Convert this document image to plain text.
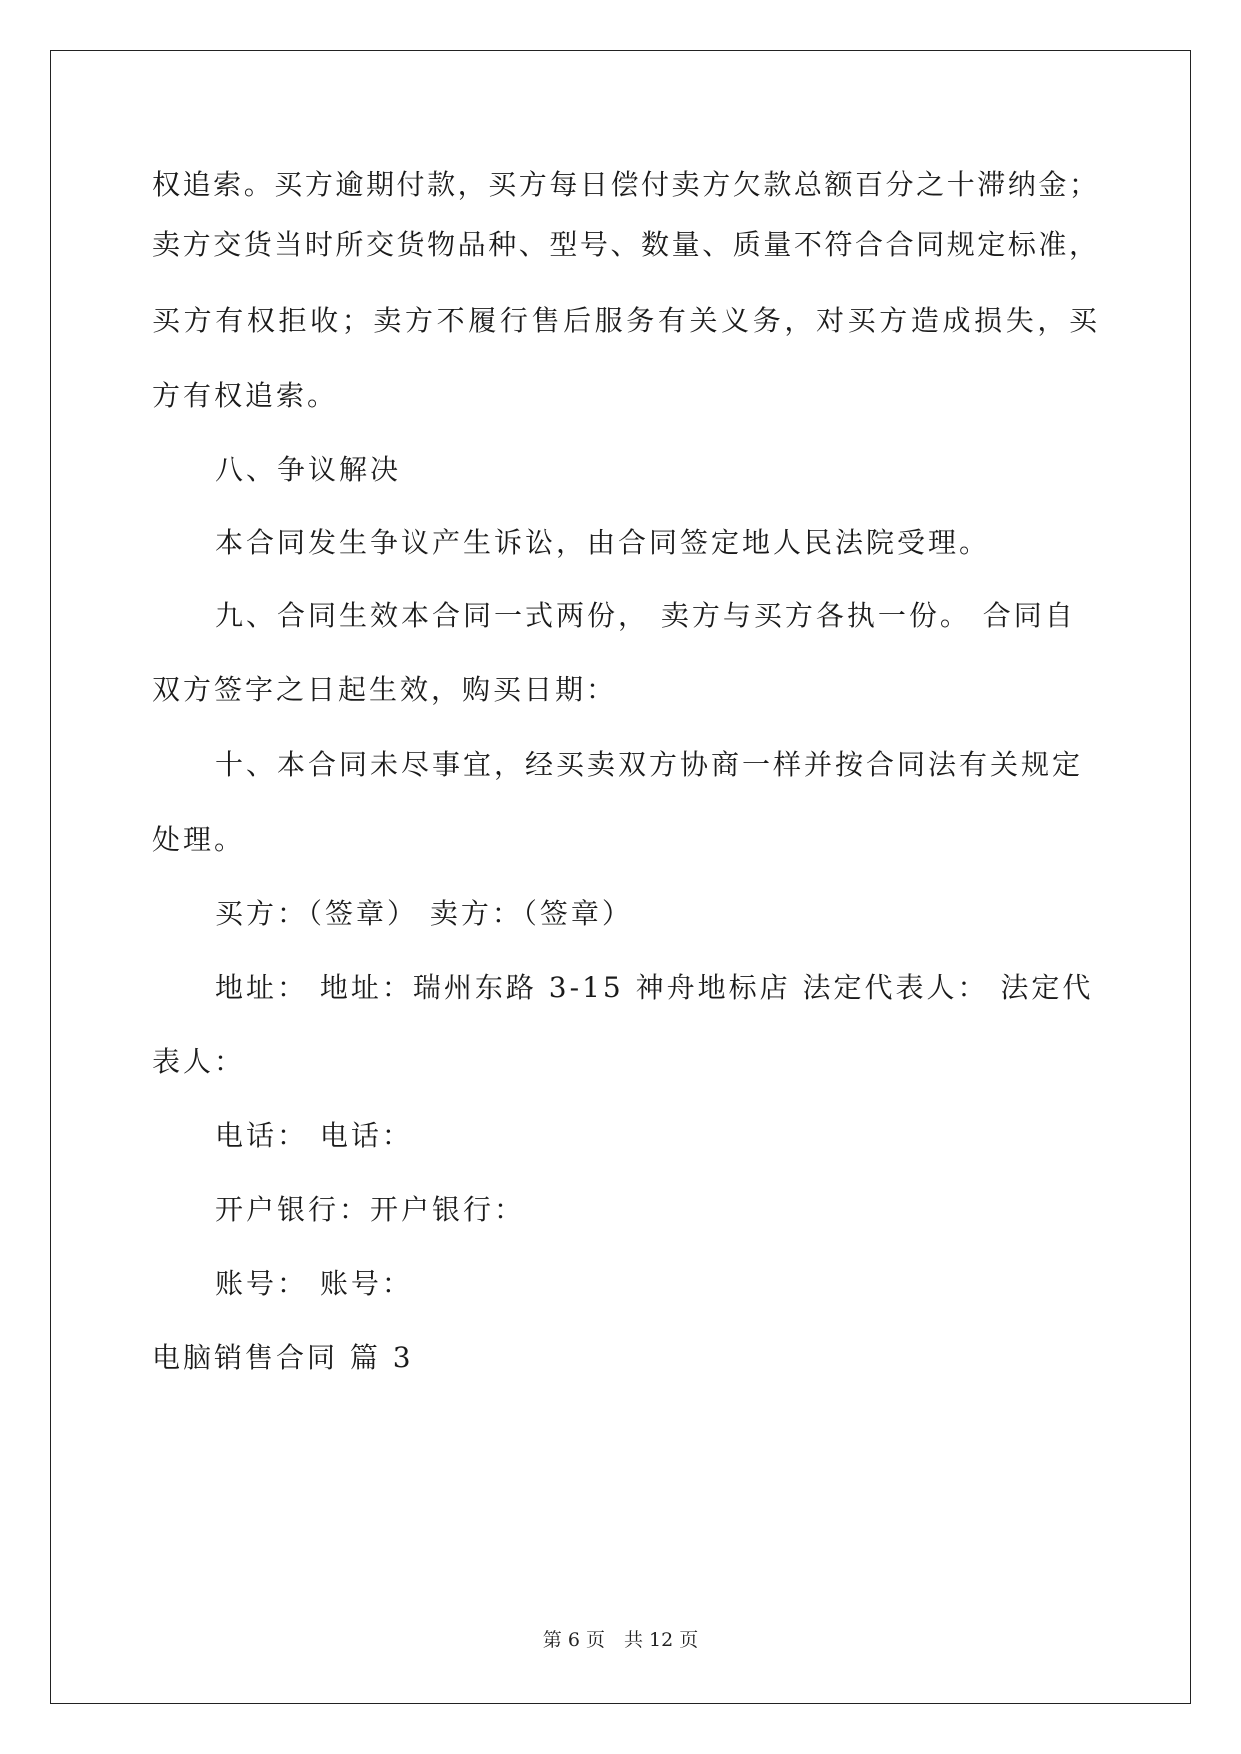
权追索。买方逾期付款，买方每日偿付卖方欠款总额百分之十滞纳金；
卖方交货当时所交货物品种、型号、数量、质量不符合合同规定标准，
买方有权拒收；卖方不履行售后服务有关义务，对买方造成损失，买
方有权追索。
八、争议解决
本合同发生争议产生诉讼，由合同签定地人民法院受理。
九、合同生效本合同一式两份， 卖方与买方各执一份。 合同自
双方签字之日起生效，购买日期：
十、本合同未尽事宜，经买卖双方协商一样并按合同法有关规定
处理。
买方：（签章） 卖方：（签章）
地址： 地址：瑞州东路 3-15 神舟地标店 法定代表人： 法定代
表人：
电话： 电话：
开户银行：开户银行：
账号： 账号：
电脑销售合同 篇 3
第 6 页　共 12 页
